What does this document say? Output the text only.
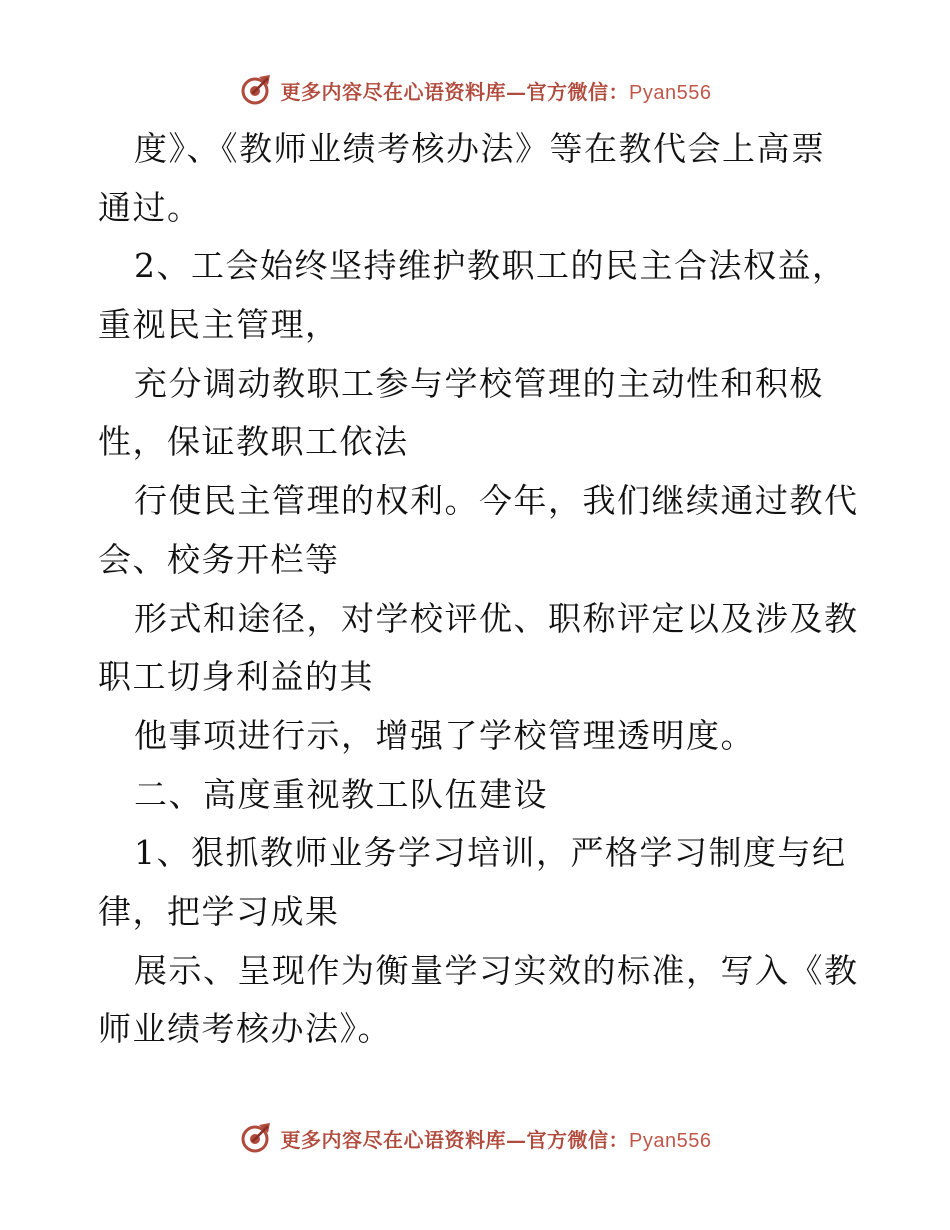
更多内容尽在心语资料库—官方微信：Pyan556
度》、《教师业绩考核办法》等在教代会上高票
通过。
2、工会始终坚持维护教职工的民主合法权益，
重视民主管理，
充分调动教职工参与学校管理的主动性和积极
性，保证教职工依法
行使民主管理的权利。今年，我们继续通过教代
会、校务开栏等
形式和途径，对学校评优、职称评定以及涉及教
职工切身利益的其
他事项进行示，增强了学校管理透明度。
二、高度重视教工队伍建设
1、狠抓教师业务学习培训，严格学习制度与纪
律，把学习成果
展示、呈现作为衡量学习实效的标准，写入《教
师业绩考核办法》。
更多内容尽在心语资料库—官方微信：Pyan556
